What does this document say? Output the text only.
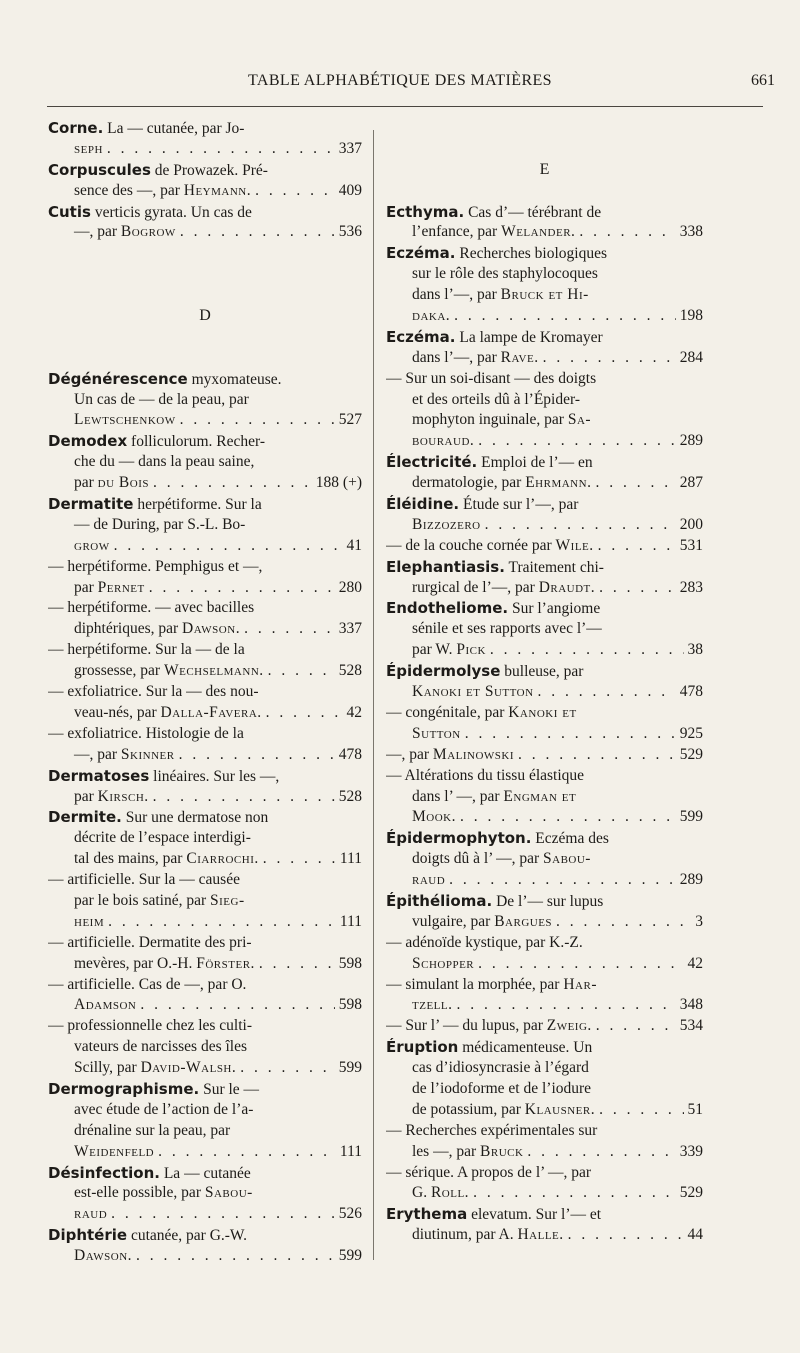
TABLE ALPHABÉTIQUE DES MATIÈRES	661
Corne. La — cutanée, par Jo-
seph . . .	337
Corpuscules de Prowazek. Pré-
sence des —, par Heymann. . . .	409
Cutis verticis gyrata. Un cas de
—, par Bogrow . . .	536
D
Dégénérescence myxomateuse.
Un cas de — de la peau, par
Lewtschenkow . . .	527
Demodex folliculorum. Recher-
che du — dans la peau saine,
par du Bois . . .	188 (+)
Dermatite herpétiforme. Sur la
— de During, par S.-L. Bo-
grow . . .	41
— herpétiforme. Pemphigus et —,
par Pernet . . .	280
— herpétiforme. — avec bacilles
diphtériques, par Dawson. . . .	337
— herpétiforme. Sur la — de la
grossesse, par Wechselmann. . . .	528
— exfoliatrice. Sur la — des nou-
veau-nés, par Dalla-Favera. . . .	42
— exfoliatrice. Histologie de la
—, par Skinner . . .	478
Dermatoses linéaires. Sur les —,
par Kirsch. . . .	528
Dermite. Sur une dermatose non
décrite de l’espace interdigi-
tal des mains, par Ciarrochi. . . .	111
— artificielle. Sur la — causée
par le bois satiné, par Sieg-
heim . . .	111
— artificielle. Dermatite des pri-
mevères, par O.-H. Förster. . . .	598
— artificielle. Cas de —, par O.
Adamson . . .	598
— professionnelle chez les culti-
vateurs de narcisses des îles
Scilly, par David-Walsh. . . .	599
Dermographisme. Sur le —
avec étude de l’action de l’a-
drénaline sur la peau, par
Weidenfeld . . .	111
Désinfection. La — cutanée
est-elle possible, par Sabou-
raud . . .	526
Diphtérie cutanée, par G.-W.
Dawson. . . .	599
E
Ecthyma. Cas d’— térébrant de
l’enfance, par Welander. . . .	338
Eczéma. Recherches biologiques
sur le rôle des staphylocoques
dans l’—, par Bruck et Hi-
daka. . . .	198
Eczéma. La lampe de Kromayer
dans l’—, par Rave. . . .	284
— Sur un soi-disant — des doigts
et des orteils dû à l’Épider-
mophyton inguinale, par Sa-
bouraud. . . .	289
Électricité. Emploi de l’— en
dermatologie, par Ehrmann. . . .	287
Éléidine. Étude sur l’—, par
Bizzozero . . .	200
— de la couche cornée par Wile. . . .	531
Elephantiasis. Traitement chi-
rurgical de l’—, par Draudt. . . .	283
Endotheliome. Sur l’angiome
sénile et ses rapports avec l’—
par W. Pick . . .	38
Épidermolyse bulleuse, par
Kanoki et Sutton . . .	478
— congénitale, par Kanoki et
Sutton . . .	925
—, par Malinowski . . .	529
— Altérations du tissu élastique
dans l’ —, par Engman et
Mook. . . .	599
Épidermophyton. Eczéma des
doigts dû à l’ —, par Sabou-
raud . . .	289
Épithélioma. De l’— sur lupus
vulgaire, par Bargues . . .	3
— adénoïde kystique, par K.-Z.
Schopper . . .	42
— simulant la morphée, par Har-
tzell. . . .	348
— Sur l’ — du lupus, par Zweig. . . .	534
Éruption médicamenteuse. Un
cas d’idiosyncrasie à l’égard
de l’iodoforme et de l’iodure
de potassium, par Klausner. . . .	51
— Recherches expérimentales sur
les —, par Bruck . . .	339
— sérique. A propos de l’ —, par
G. Roll. . . .	529
Erythema elevatum. Sur l’— et
diutinum, par A. Halle. . . .	44
